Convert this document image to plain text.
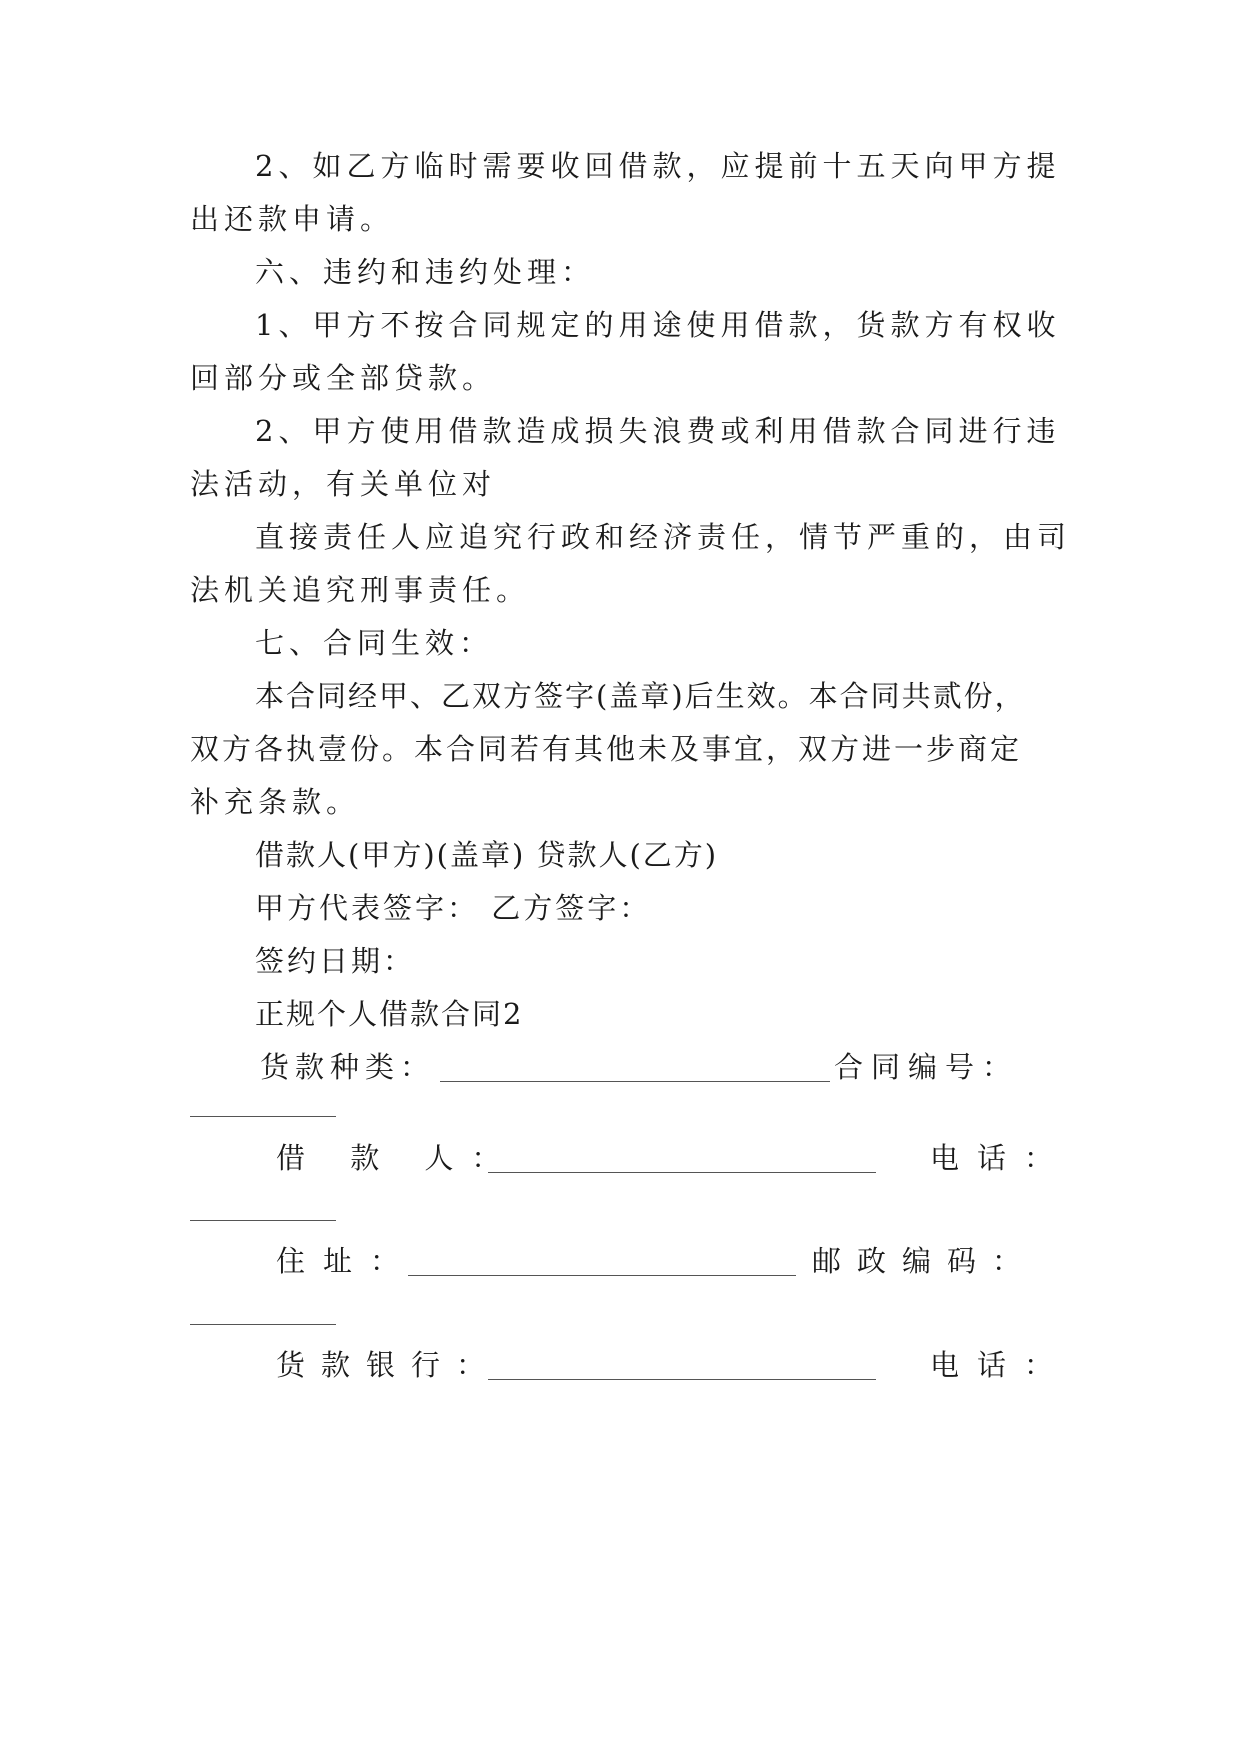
2、如乙方临时需要收回借款，应提前十五天向甲方提
出还款申请。
六、违约和违约处理：
1、甲方不按合同规定的用途使用借款，货款方有权收
回部分或全部贷款。
2、甲方使用借款造成损失浪费或利用借款合同进行违
法活动，有关单位对
直接责任人应追究行政和经济责任，情节严重的，由司
法机关追究刑事责任。
七、合同生效：
本合同经甲、乙双方签字(盖章)后生效。本合同共贰份，
双方各执壹份。本合同若有其他未及事宜，双方进一步商定
补充条款。
借款人(甲方)(盖章) 贷款人(乙方)
甲方代表签字： 乙方签字：
签约日期：
正规个人借款合同2
货款种类：	合同编号：
借 款 人：	电话：
住址：	邮政编码：
货款银行：	电话：
